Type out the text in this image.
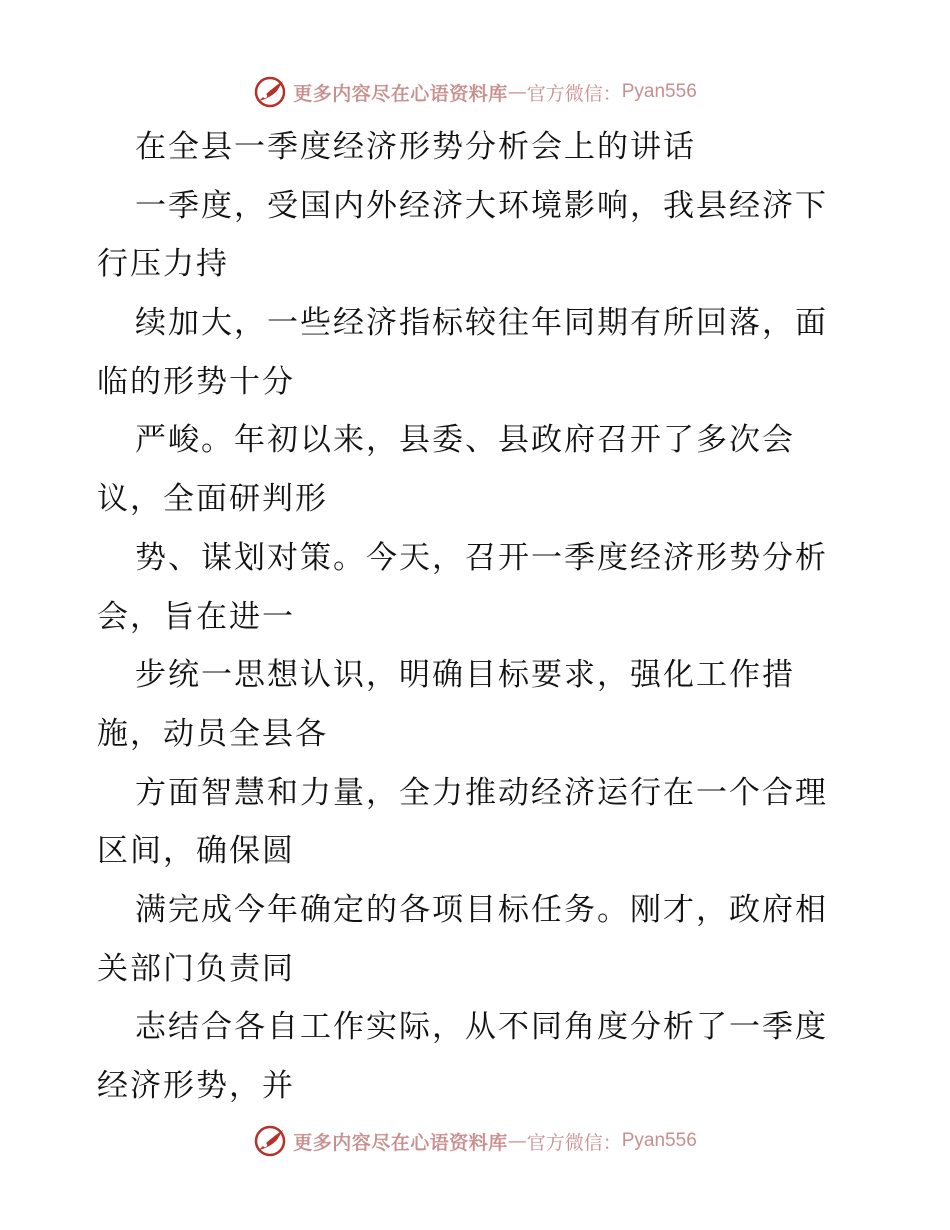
更多内容尽在心语资料库 — 官方微信： Pyan556
在全县一季度经济形势分析会上的讲话
一季度，受国内外经济大环境影响，我县经济下
行压力持
续加大，一些经济指标较往年同期有所回落，面
临的形势十分
严峻。年初以来，县委、县政府召开了多次会
议，全面研判形
势、谋划对策。今天，召开一季度经济形势分析
会，旨在进一
步统一思想认识，明确目标要求，强化工作措
施，动员全县各
方面智慧和力量，全力推动经济运行在一个合理
区间，确保圆
满完成今年确定的各项目标任务。刚才，政府相
关部门负责同
志结合各自工作实际，从不同角度分析了一季度
经济形势，并
更多内容尽在心语资料库 — 官方微信： Pyan556
